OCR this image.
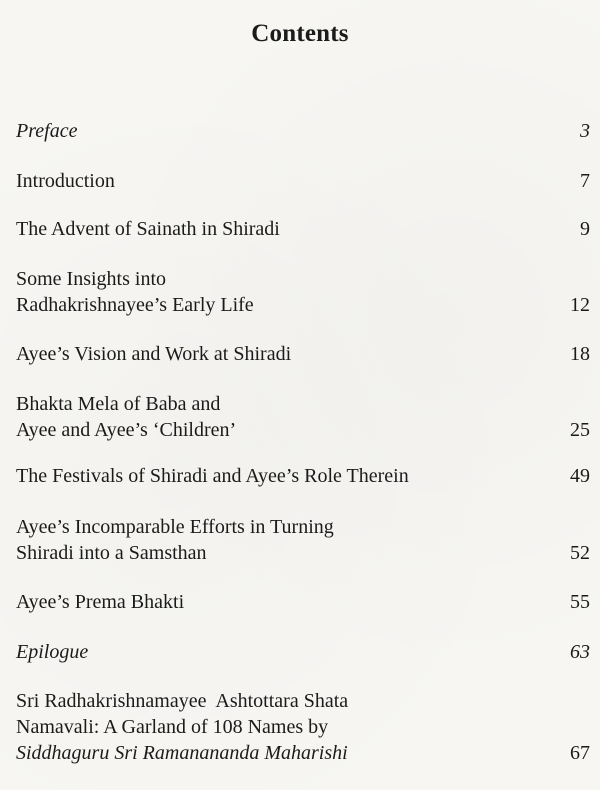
Contents
Preface	3
Introduction	7
The Advent of Sainath in Shiradi	9
Some Insights into
Radhakrishnayee’s Early Life	12
Ayee’s Vision and Work at Shiradi	18
Bhakta Mela of Baba and
Ayee and Ayee’s ‘Children’	25
The Festivals of Shiradi and Ayee’s Role Therein	49
Ayee’s Incomparable Efforts in Turning
Shiradi into a Samsthan	52
Ayee’s Prema Bhakti	55
Epilogue	63
Sri Radhakrishnamayee  Ashtottara Shata
Namavali: A Garland of 108 Names by
Siddhaguru Sri Ramanananda Maharishi	67
